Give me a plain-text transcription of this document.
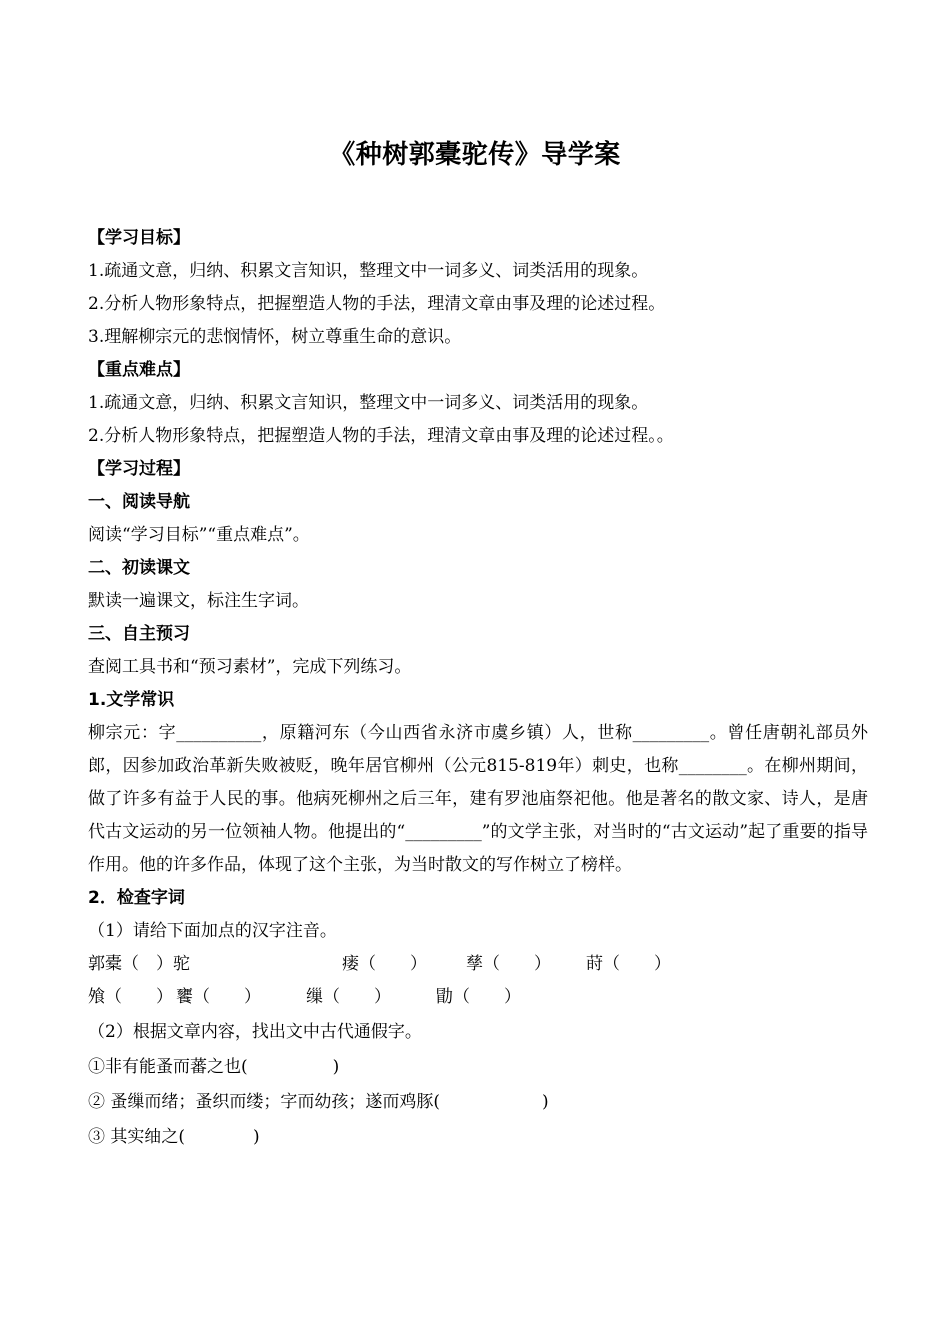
《种树郭橐驼传》导学案
【学习目标】
1.疏通文意，归纳、积累文言知识，整理文中一词多义、词类活用的现象。
2.分析人物形象特点，把握塑造人物的手法，理清文章由事及理的论述过程。
3.理解柳宗元的悲悯情怀，树立尊重生命的意识。
【重点难点】
1.疏通文意，归纳、积累文言知识，整理文中一词多义、词类活用的现象。
2.分析人物形象特点，把握塑造人物的手法，理清文章由事及理的论述过程。。
【学习过程】
一、阅读导航
阅读“学习目标”“重点难点”。
二、初读课文
默读一遍课文，标注生字词。
三、自主预习
查阅工具书和“预习素材”，完成下列练习。
1.文学常识
柳宗元：字__________，原籍河东（今山西省永济市虞乡镇）人，世称_________。曾任唐朝礼部员外郎，因参加政治革新失败被贬，晚年居官柳州（公元815-819年）刺史，也称________。在柳州期间，做了许多有益于人民的事。他病死柳州之后三年，建有罗池庙祭祀他。他是著名的散文家、诗人，是唐代古文运动的另一位领袖人物。他提出的“_________”的文学主张，对当时的“古文运动”起了重要的指导作用。他的许多作品，体现了这个主张，为当时散文的写作树立了榜样。
2．检查字词
（1）请给下面加点的汉字注音。
郭橐（　）驼	瘘（　　）	孳（　　）	莳（　　）
飧（　　） 饔（　　）	缫（　　）	勖（　　）
（2）根据文章内容，找出文中古代通假字。
①非有能蚤而蕃之也(　　　　　)
② 蚤缫而绪；蚤织而缕；字而幼孩；遂而鸡豚(　　　　　　)
③ 其实䌷之(　　　　)
